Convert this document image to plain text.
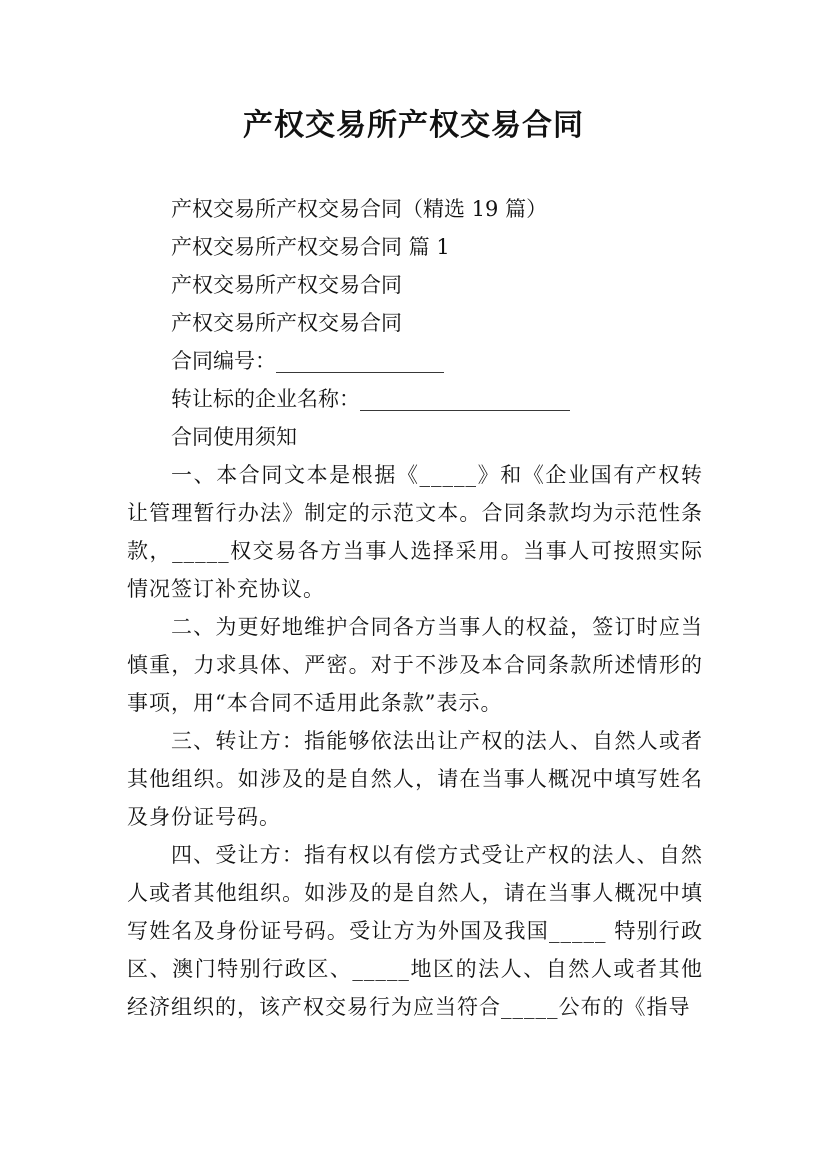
产权交易所产权交易合同
产权交易所产权交易合同（精选 19 篇）
产权交易所产权交易合同 篇 1
产权交易所产权交易合同
产权交易所产权交易合同
合同编号：________________
转让标的企业名称：____________________
合同使用须知
一、本合同文本是根据《_____》和《企业国有产权转让管理暂行办法》制定的示范文本。合同条款均为示范性条款，_____权交易各方当事人选择采用。当事人可按照实际情况签订补充协议。
二、为更好地维护合同各方当事人的权益，签订时应当慎重，力求具体、严密。对于不涉及本合同条款所述情形的事项，用“本合同不适用此条款”表示。
三、转让方：指能够依法出让产权的法人、自然人或者其他组织。如涉及的是自然人，请在当事人概况中填写姓名及身份证号码。
四、受让方：指有权以有偿方式受让产权的法人、自然人或者其他组织。如涉及的是自然人，请在当事人概况中填写姓名及身份证号码。受让方为外国及我国_____ 特别行政区、澳门特别行政区、_____地区的法人、自然人或者其他经济组织的，该产权交易行为应当符合_____公布的《指导
